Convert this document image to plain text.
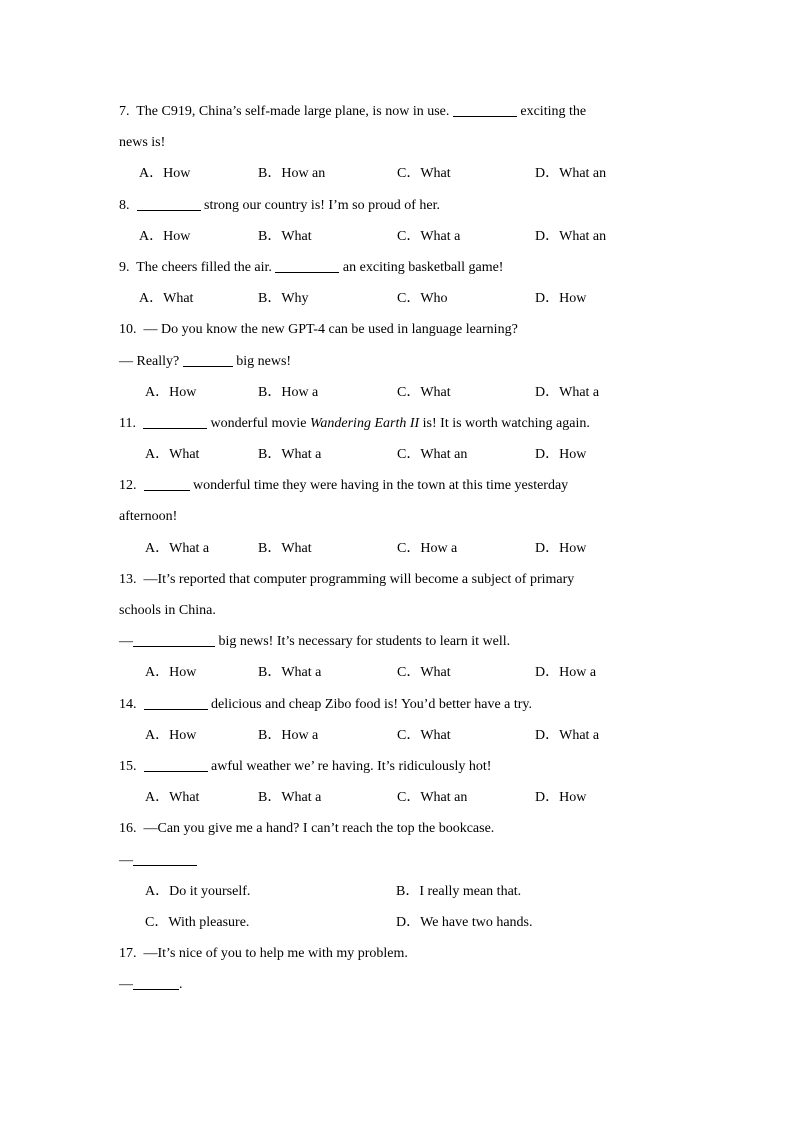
7. The C919, China’s self-made large plane, is now in use.	exciting the
news is!
A．How	B．How an	C．What	D．What an
8.	strong our country is! I’m so proud of her.
A．How	B．What	C．What a	D．What an
9. The cheers filled the air.	an exciting basketball game!
A．What	B．Why	C．Who	D．How
10. — Do you know the new GPT-4 can be used in language learning?
— Really?	big news!
A．How	B．How a	C．What	D．What a
11.	wonderful movie Wandering Earth II is! It is worth watching again.
A．What	B．What a	C．What an	D．How
12.	wonderful time they were having in the town at this time yesterday
afternoon!
A．What a	B．What	C．How a	D．How
13. —It’s reported that computer programming will become a subject of primary
schools in China.
—	big news! It’s necessary for students to learn it well.
A．How	B．What a	C．What	D．How a
14.	delicious and cheap Zibo food is! You’d better have a try.
A．How	B．How a	C．What	D．What a
15.	awful weather we’ re having. It’s ridiculously hot!
A．What	B．What a	C．What an	D．How
16. —Can you give me a hand? I can’t reach the top the bookcase.
—
A．Do it yourself.	B．I really mean that.
C．With pleasure.	D．We have two hands.
17. —It’s nice of you to help me with my problem.
—	.
